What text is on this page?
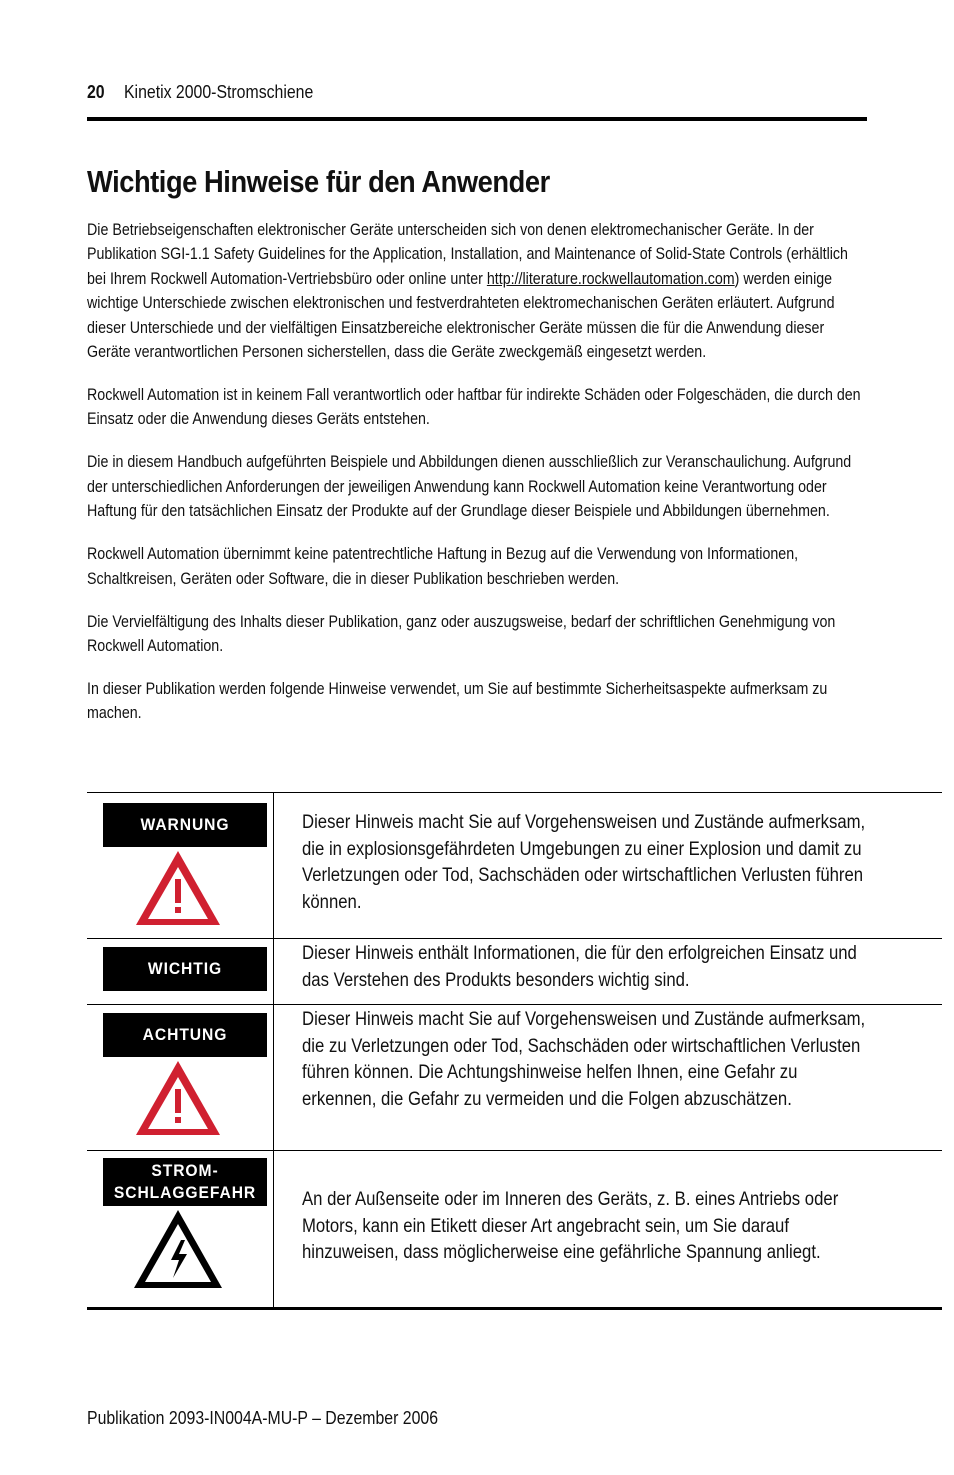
20 Kinetix 2000-Stromschiene
Wichtige Hinweise für den Anwender

Die Betriebseigenschaften elektronischer Geräte unterscheiden sich von denen elektromechanischer Geräte. In der Publikation SGI-1.1 Safety Guidelines for the Application, Installation, and Maintenance of Solid-State Controls (erhältlich bei Ihrem Rockwell Automation-Vertriebsbüro oder online unter http://literature.rockwellautomation.com) werden einige wichtige Unterschiede zwischen elektronischen und festverdrahteten elektromechanischen Geräten erläutert. Aufgrund dieser Unterschiede und der vielfältigen Einsatzbereiche elektronischer Geräte müssen die für die Anwendung dieser Geräte verantwortlichen Personen sicherstellen, dass die Geräte zweckgemäß eingesetzt werden.

Rockwell Automation ist in keinem Fall verantwortlich oder haftbar für indirekte Schäden oder Folgeschäden, die durch den Einsatz oder die Anwendung dieses Geräts entstehen.

Die in diesem Handbuch aufgeführten Beispiele und Abbildungen dienen ausschließlich zur Veranschaulichung. Aufgrund der unterschiedlichen Anforderungen der jeweiligen Anwendung kann Rockwell Automation keine Verantwortung oder Haftung für den tatsächlichen Einsatz der Produkte auf der Grundlage dieser Beispiele und Abbildungen übernehmen.

Rockwell Automation übernimmt keine patentrechtliche Haftung in Bezug auf die Verwendung von Informationen, Schaltkreisen, Geräten oder Software, die in dieser Publikation beschrieben werden.

Die Vervielfältigung des Inhalts dieser Publikation, ganz oder auszugsweise, bedarf der schriftlichen Genehmigung von Rockwell Automation.

In dieser Publikation werden folgende Hinweise verwendet, um Sie auf bestimmte Sicherheitsaspekte aufmerksam zu machen.

WARNUNG	Dieser Hinweis macht Sie auf Vorgehensweisen und Zustände aufmerksam, die in explosionsgefährdeten Umgebungen zu einer Explosion und damit zu Verletzungen oder Tod, Sachschäden oder wirtschaftlichen Verlusten führen können.

WICHTIG	Dieser Hinweis enthält Informationen, die für den erfolgreichen Einsatz und das Verstehen des Produkts besonders wichtig sind.

ACHTUNG	Dieser Hinweis macht Sie auf Vorgehensweisen und Zustände aufmerksam, die zu Verletzungen oder Tod, Sachschäden oder wirtschaftlichen Verlusten führen können. Die Achtungshinweise helfen Ihnen, eine Gefahr zu erkennen, die Gefahr zu vermeiden und die Folgen abzuschätzen.

STROM-
SCHLAGGEFAHR	An der Außenseite oder im Inneren des Geräts, z. B. eines Antriebs oder Motors, kann ein Etikett dieser Art angebracht sein, um Sie darauf hinzuweisen, dass möglicherweise eine gefährliche Spannung anliegt.
Publikation 2093-IN004A-MU-P – Dezember 2006
